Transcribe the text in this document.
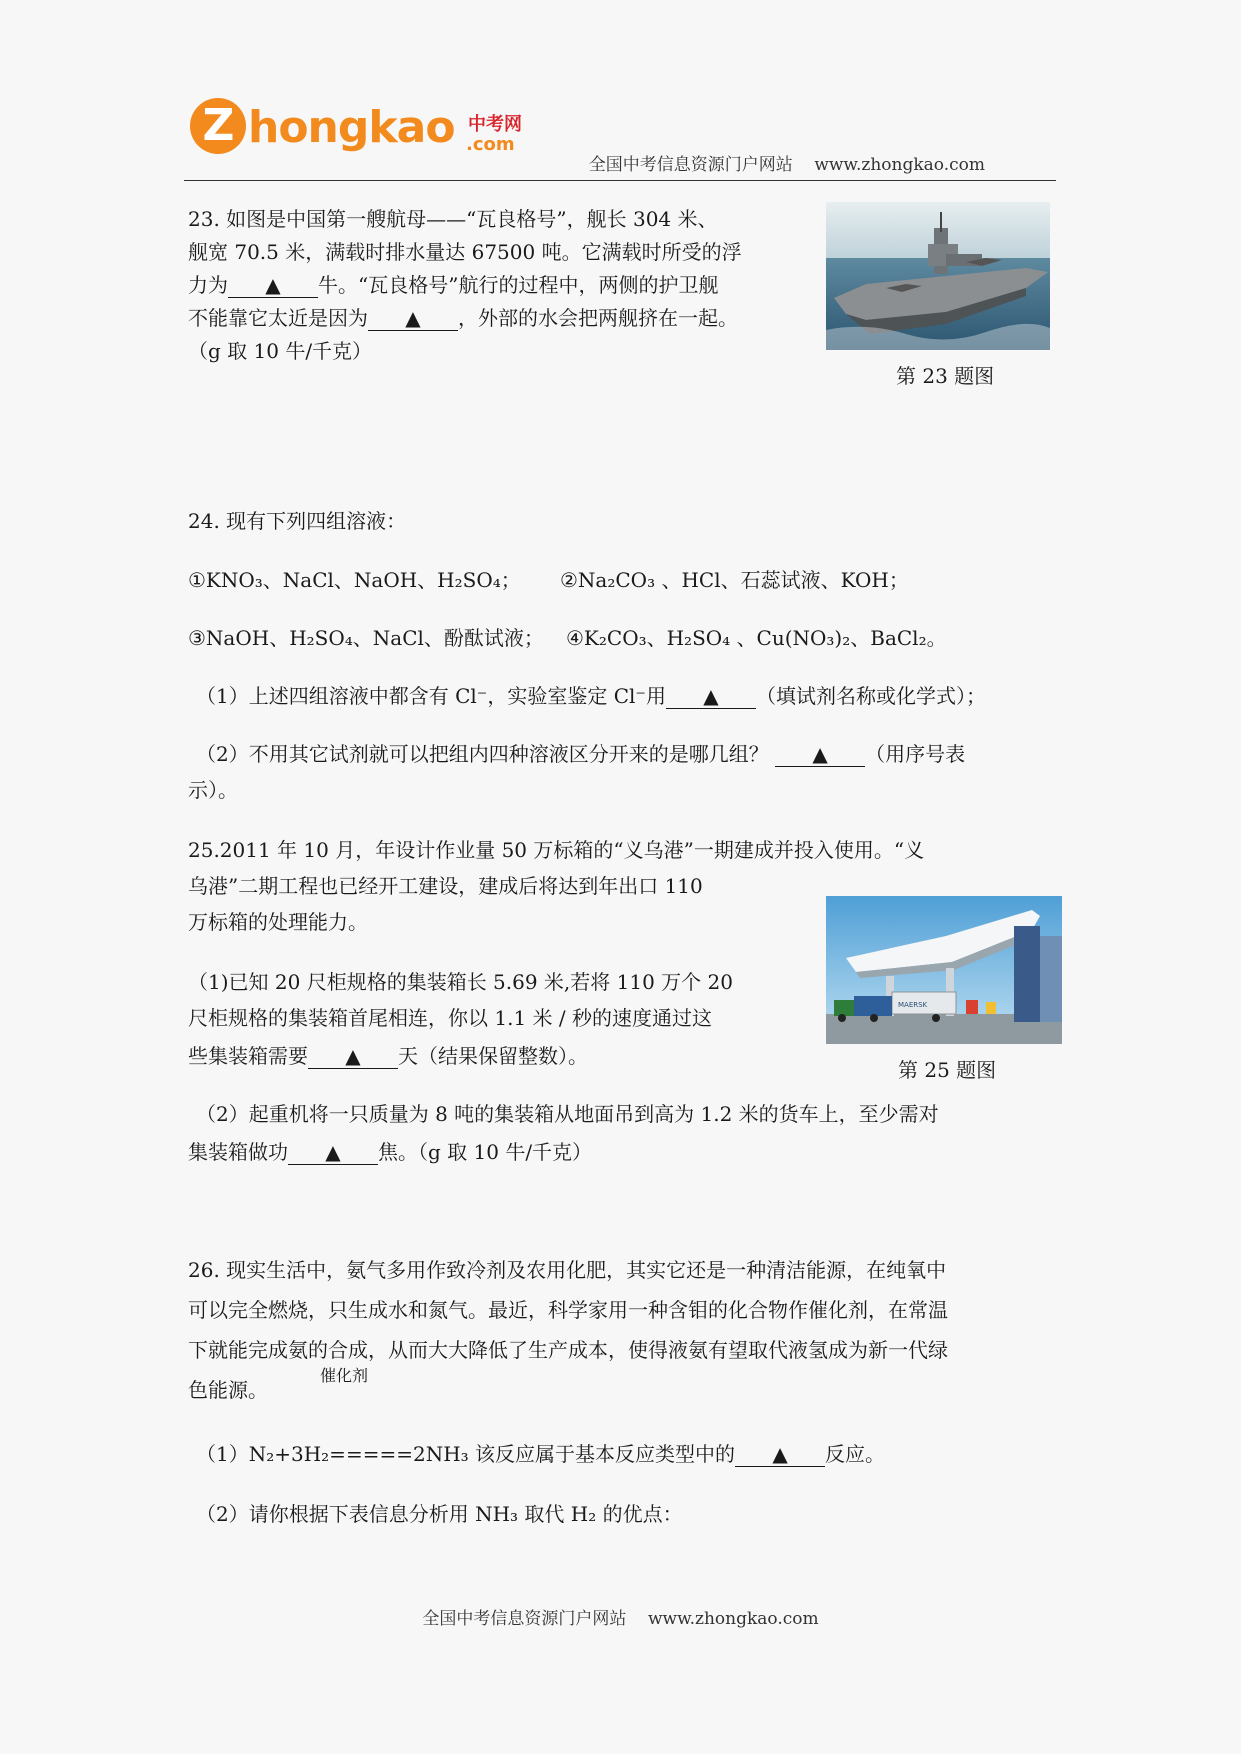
Z hongkao 中考网
.com
全国中考信息资源门户网站 www.zhongkao.com
23. 如图是中国第一艘航母——“瓦良格号”，舰长 304 米、
舰宽 70.5 米，满载时排水量达 67500 吨。它满载时所受的浮
力为 ▲ 牛。“瓦良格号”航行的过程中，两侧的护卫舰
不能靠它太近是因为 ▲ ，外部的水会把两舰挤在一起。
（g 取 10 牛/千克）
第 23 题图
24. 现有下列四组溶液：
①KNO₃、NaCl、NaOH、H₂SO₄； ②Na₂CO₃ 、HCl、石蕊试液、KOH；
③NaOH、H₂SO₄、NaCl、酚酞试液； ④K₂CO₃、H₂SO₄ 、Cu(NO₃)₂、BaCl₂。
（1）上述四组溶液中都含有 Cl⁻，实验室鉴定 Cl⁻用 ▲ （填试剂名称或化学式）；
（2）不用其它试剂就可以把组内四种溶液区分开来的是哪几组？ ▲ （用序号表
示）。
25.2011 年 10 月，年设计作业量 50 万标箱的“义乌港”一期建成并投入使用。“义
乌港”二期工程也已经开工建设，建成后将达到年出口 110
万标箱的处理能力。
（1)已知 20 尺柜规格的集装箱长 5.69 米,若将 110 万个 20
尺柜规格的集装箱首尾相连，你以 1.1 米 / 秒的速度通过这
些集装箱需要 ▲ 天（结果保留整数）。
（2）起重机将一只质量为 8 吨的集装箱从地面吊到高为 1.2 米的货车上，至少需对
集装箱做功 ▲ 焦。（g 取 10 牛/千克）
MAERSK
第 25 题图
26. 现实生活中，氨气多用作致冷剂及农用化肥，其实它还是一种清洁能源，在纯氧中
可以完全燃烧，只生成水和氮气。最近，科学家用一种含钼的化合物作催化剂，在常温
下就能完成氨的合成，从而大大降低了生产成本，使得液氨有望取代液氢成为新一代绿
色能源。
催化剂
（1）N₂+3H₂=====2NH₃ 该反应属于基本反应类型中的 ▲ 反应。
（2）请你根据下表信息分析用 NH₃ 取代 H₂ 的优点：
全国中考信息资源门户网站 www.zhongkao.com
